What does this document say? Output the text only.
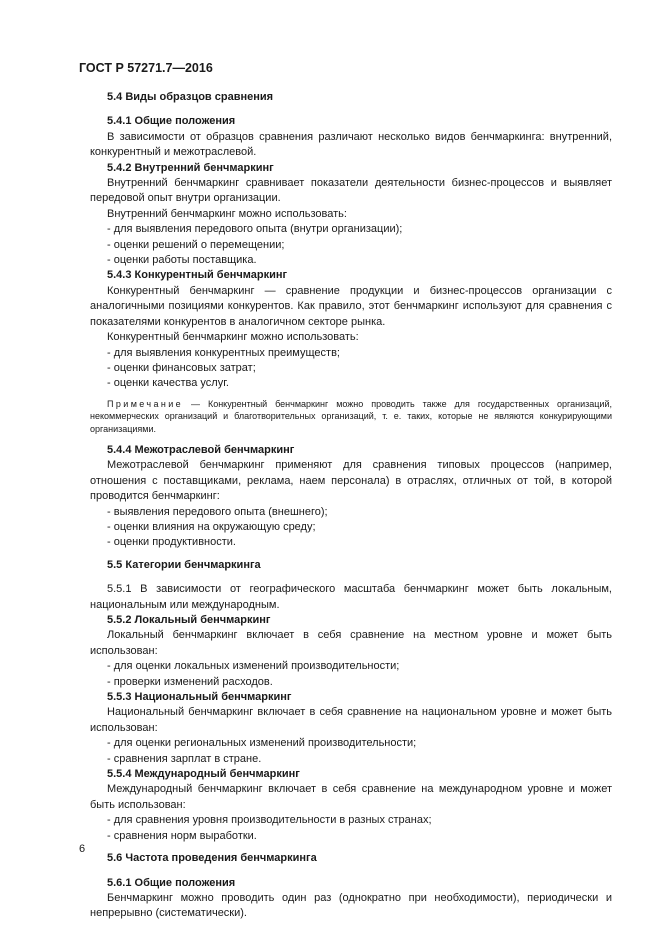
ГОСТ Р 57271.7—2016
5.4 Виды образцов сравнения
5.4.1 Общие положения

В зависимости от образцов сравнения различают несколько видов бенчмаркинга: внутренний, конкурентный и межотраслевой.

5.4.2 Внутренний бенчмаркинг

Внутренний бенчмаркинг сравнивает показатели деятельности бизнес-процессов и выявляет передовой опыт внутри организации.

Внутренний бенчмаркинг можно использовать:

- для выявления передового опыта (внутри организации);

- оценки решений о перемещении;

- оценки работы поставщика.

5.4.3 Конкурентный бенчмаркинг

Конкурентный бенчмаркинг — сравнение продукции и бизнес-процессов организации с аналогичными позициями конкурентов. Как правило, этот бенчмаркинг используют для сравнения с показателями конкурентов в аналогичном секторе рынка.

Конкурентный бенчмаркинг можно использовать:

- для выявления конкурентных преимуществ;

- оценки финансовых затрат;

- оценки качества услуг.

Примечание — Конкурентный бенчмаркинг можно проводить также для государственных организаций, некоммерческих организаций и благотворительных организаций, т. е. таких, которые не являются конкурирующими организациями.

5.4.4 Межотраслевой бенчмаркинг

Межотраслевой бенчмаркинг применяют для сравнения типовых процессов (например, отношения с поставщиками, реклама, наем персонала) в отраслях, отличных от той, в которой проводится бенчмаркинг:

- выявления передового опыта (внешнего);

- оценки влияния на окружающую среду;

- оценки продуктивности.

5.5 Категории бенчмаркинга

5.5.1 В зависимости от географического масштаба бенчмаркинг может быть локальным, национальным или международным.

5.5.2 Локальный бенчмаркинг

Локальный бенчмаркинг включает в себя сравнение на местном уровне и может быть использован:

- для оценки локальных изменений производительности;

- проверки изменений расходов.

5.5.3 Национальный бенчмаркинг

Национальный бенчмаркинг включает в себя сравнение на национальном уровне и может быть использован:

- для оценки региональных изменений производительности;

- сравнения зарплат в стране.

5.5.4 Международный бенчмаркинг

Международный бенчмаркинг включает в себя сравнение на международном уровне и может быть использован:

- для сравнения уровня производительности в разных странах;

- сравнения норм выработки.

5.6 Частота проведения бенчмаркинга
5.6.1 Общие положения

Бенчмаркинг можно проводить один раз (однократно при необходимости), периодически и непрерывно (систематически).

6
